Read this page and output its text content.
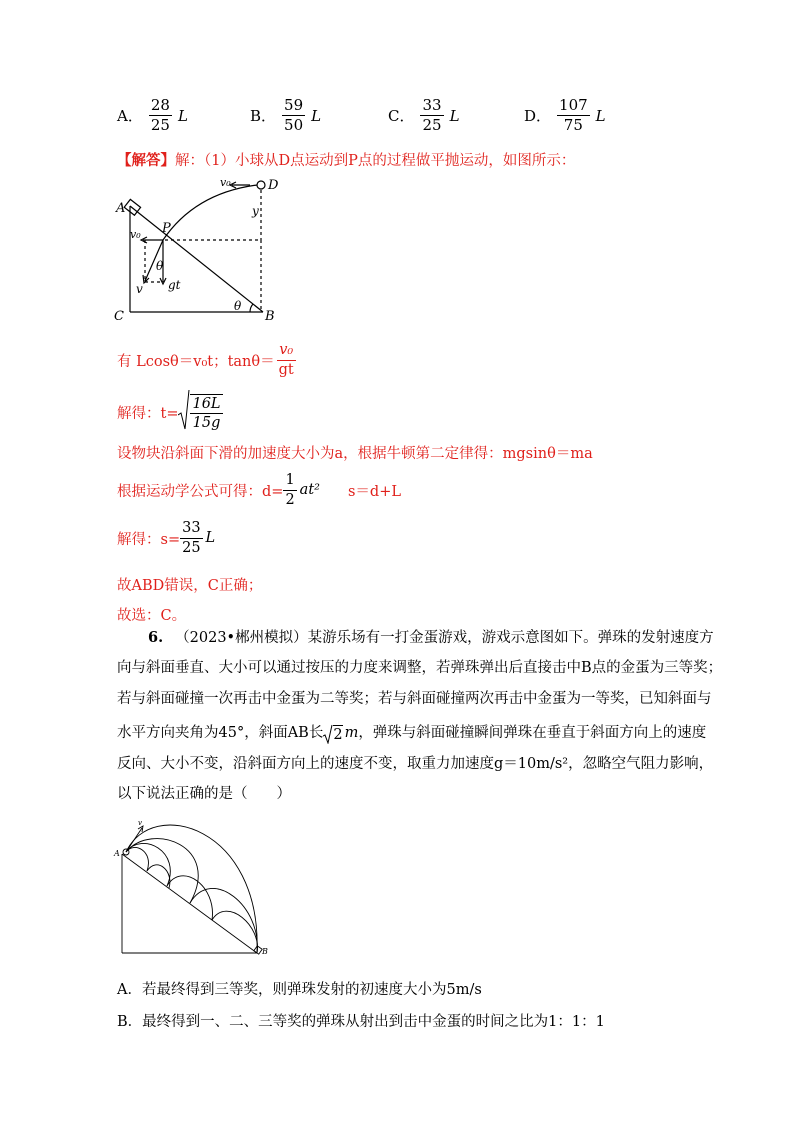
A． $\frac{28}{25}$ L	B． $\frac{59}{50}$ L	C． $\frac{33}{25}$ L	D． $\frac{107}{75}$ L
【解答】解：（1）小球从D点运动到P点的过程做平抛运动，如图所示：
A
B
C
D
P
v₀
v₀
y
θ
θ
v gt
有 Lcosθ＝v₀t；$\tan\theta= \frac{\text{v₀}}{gt}$
解得：$t= \frac{16L}{15g}$
设物块沿斜面下滑的加速度大小为a，根据牛顿第二定律得：mgsinθ＝ma
根据运动学公式可得：$d= \frac{1}{2} at^2$ s＝d+L
解得：$s= \frac{33}{25}$ L
故ABD错误，C正确；
故选：C。
6. （2023•郴州模拟）某游乐场有一打金蛋游戏，游戏示意图如下。弹珠的发射速度方
向与斜面垂直、大小可以通过按压的力度来调整，若弹珠弹出后直接击中B点的金蛋为三等奖；
若与斜面碰撞一次再击中金蛋为二等奖；若与斜面碰撞两次再击中金蛋为一等奖，已知斜面与
水平方向夹角为45°，斜面AB长 2 m ，弹珠与斜面碰撞瞬间弹珠在垂直于斜面方向上的速度
反向、大小不变，沿斜面方向上的速度不变，取重力加速度g＝10m/s²，忽略空气阻力影响，
以下说法正确的是（　　）
A
B
v
A．若最终得到三等奖，则弹珠发射的初速度大小为5m/s
B．最终得到一、二、三等奖的弹珠从射出到击中金蛋的时间之比为1：1：1
